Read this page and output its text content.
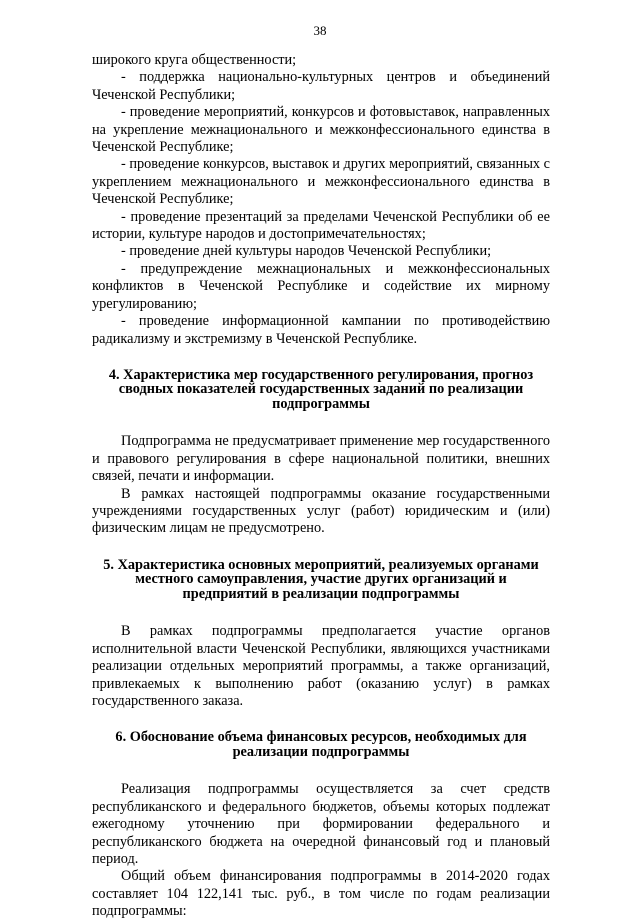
38

широкого круга общественности;

- поддержка национально-культурных центров и объединений Чеченской Республики;

- проведение мероприятий, конкурсов и фотовыставок, направленных на укрепление межнационального и межконфессионального единства в Чеченской Республике;

- проведение конкурсов, выставок и других мероприятий, связанных с укреплением межнационального и межконфессионального единства в Чеченской Республике;

- проведение презентаций за пределами Чеченской Республики об ее истории, культуре народов и достопримечательностях;

- проведение дней культуры народов Чеченской Республики;

- предупреждение межнациональных и межконфессиональных конфликтов в Чеченской Республике и содействие их мирному урегулированию;

- проведение информационной кампании по противодействию радикализму и экстремизму в Чеченской Республике.

4. Характеристика мер государственного регулирования, прогноз сводных показателей государственных заданий по реализации подпрограммы

Подпрограмма не предусматривает применение мер государственного и правового регулирования в сфере национальной политики, внешних связей, печати и информации.

В рамках настоящей подпрограммы оказание государственными учреждениями государственных услуг (работ) юридическим и (или) физическим лицам не предусмотрено.

5. Характеристика основных мероприятий, реализуемых органами местного самоуправления, участие других организаций и предприятий в реализации подпрограммы

В рамках подпрограммы предполагается участие органов исполнительной власти Чеченской Республики, являющихся участниками реализации отдельных мероприятий программы, а также организаций, привлекаемых к выполнению работ (оказанию услуг) в рамках государственного заказа.

6. Обоснование объема финансовых ресурсов, необходимых для реализации подпрограммы

Реализация подпрограммы осуществляется за счет средств республиканского и федерального бюджетов, объемы которых подлежат ежегодному уточнению при формировании федерального и республиканского бюджета на очередной финансовый год и плановый период.

Общий объем финансирования подпрограммы в 2014-2020 годах составляет 104 122,141 тыс. руб., в том числе по годам реализации подпрограммы:
